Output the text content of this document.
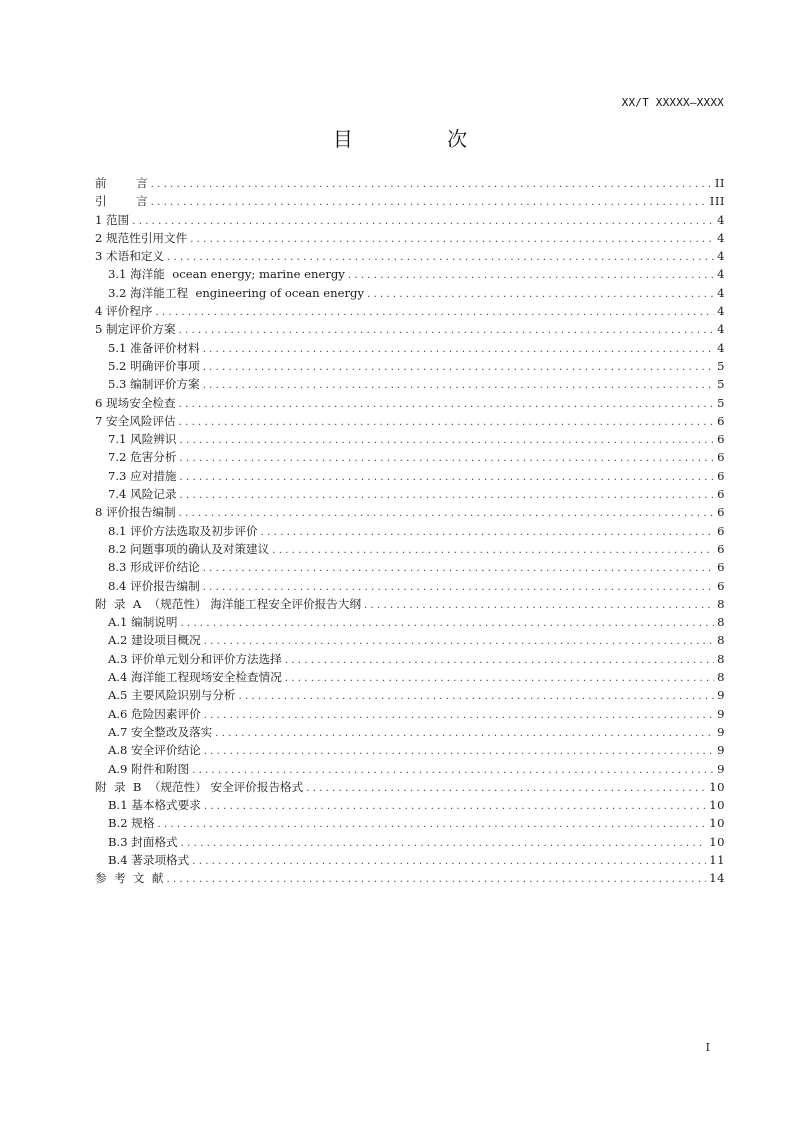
XX/T XXXXX—XXXX
目 次
前        言 .....	II
引        言 .....	III
1 范围 .....	4
2 规范性引用文件 .....	4
3 术语和定义 .....	4
3.1 海洋能  ocean energy; marine energy .....	4
3.2 海洋能工程  engineering of ocean energy .....	4
4 评价程序 .....	4
5 制定评价方案 .....	4
5.1 准备评价材料 .....	4
5.2 明确评价事项 .....	5
5.3 编制评价方案 .....	5
6 现场安全检查 .....	5
7 安全风险评估 .....	6
7.1 风险辨识 .....	6
7.2 危害分析 .....	6
7.3 应对措施 .....	6
7.4 风险记录 .....	6
8 评价报告编制 .....	6
8.1 评价方法选取及初步评价 .....	6
8.2 问题事项的确认及对策建议 .....	6
8.3 形成评价结论 .....	6
8.4 评价报告编制 .....	6
附  录  A  （规范性） 海洋能工程安全评价报告大纲 .....	8
A.1 编制说明 .....	8
A.2 建设项目概况 .....	8
A.3 评价单元划分和评价方法选择 .....	8
A.4 海洋能工程现场安全检查情况 .....	8
A.5 主要风险识别与分析 .....	9
A.6 危险因素评价 .....	9
A.7 安全整改及落实 .....	9
A.8 安全评价结论 .....	9
A.9 附件和附图 .....	9
附  录  B  （规范性） 安全评价报告格式 .....	10
B.1 基本格式要求 .....	10
B.2 规格 .....	10
B.3 封面格式 .....	10
B.4 著录项格式 .....	11
参  考  文  献 .....	14
I
